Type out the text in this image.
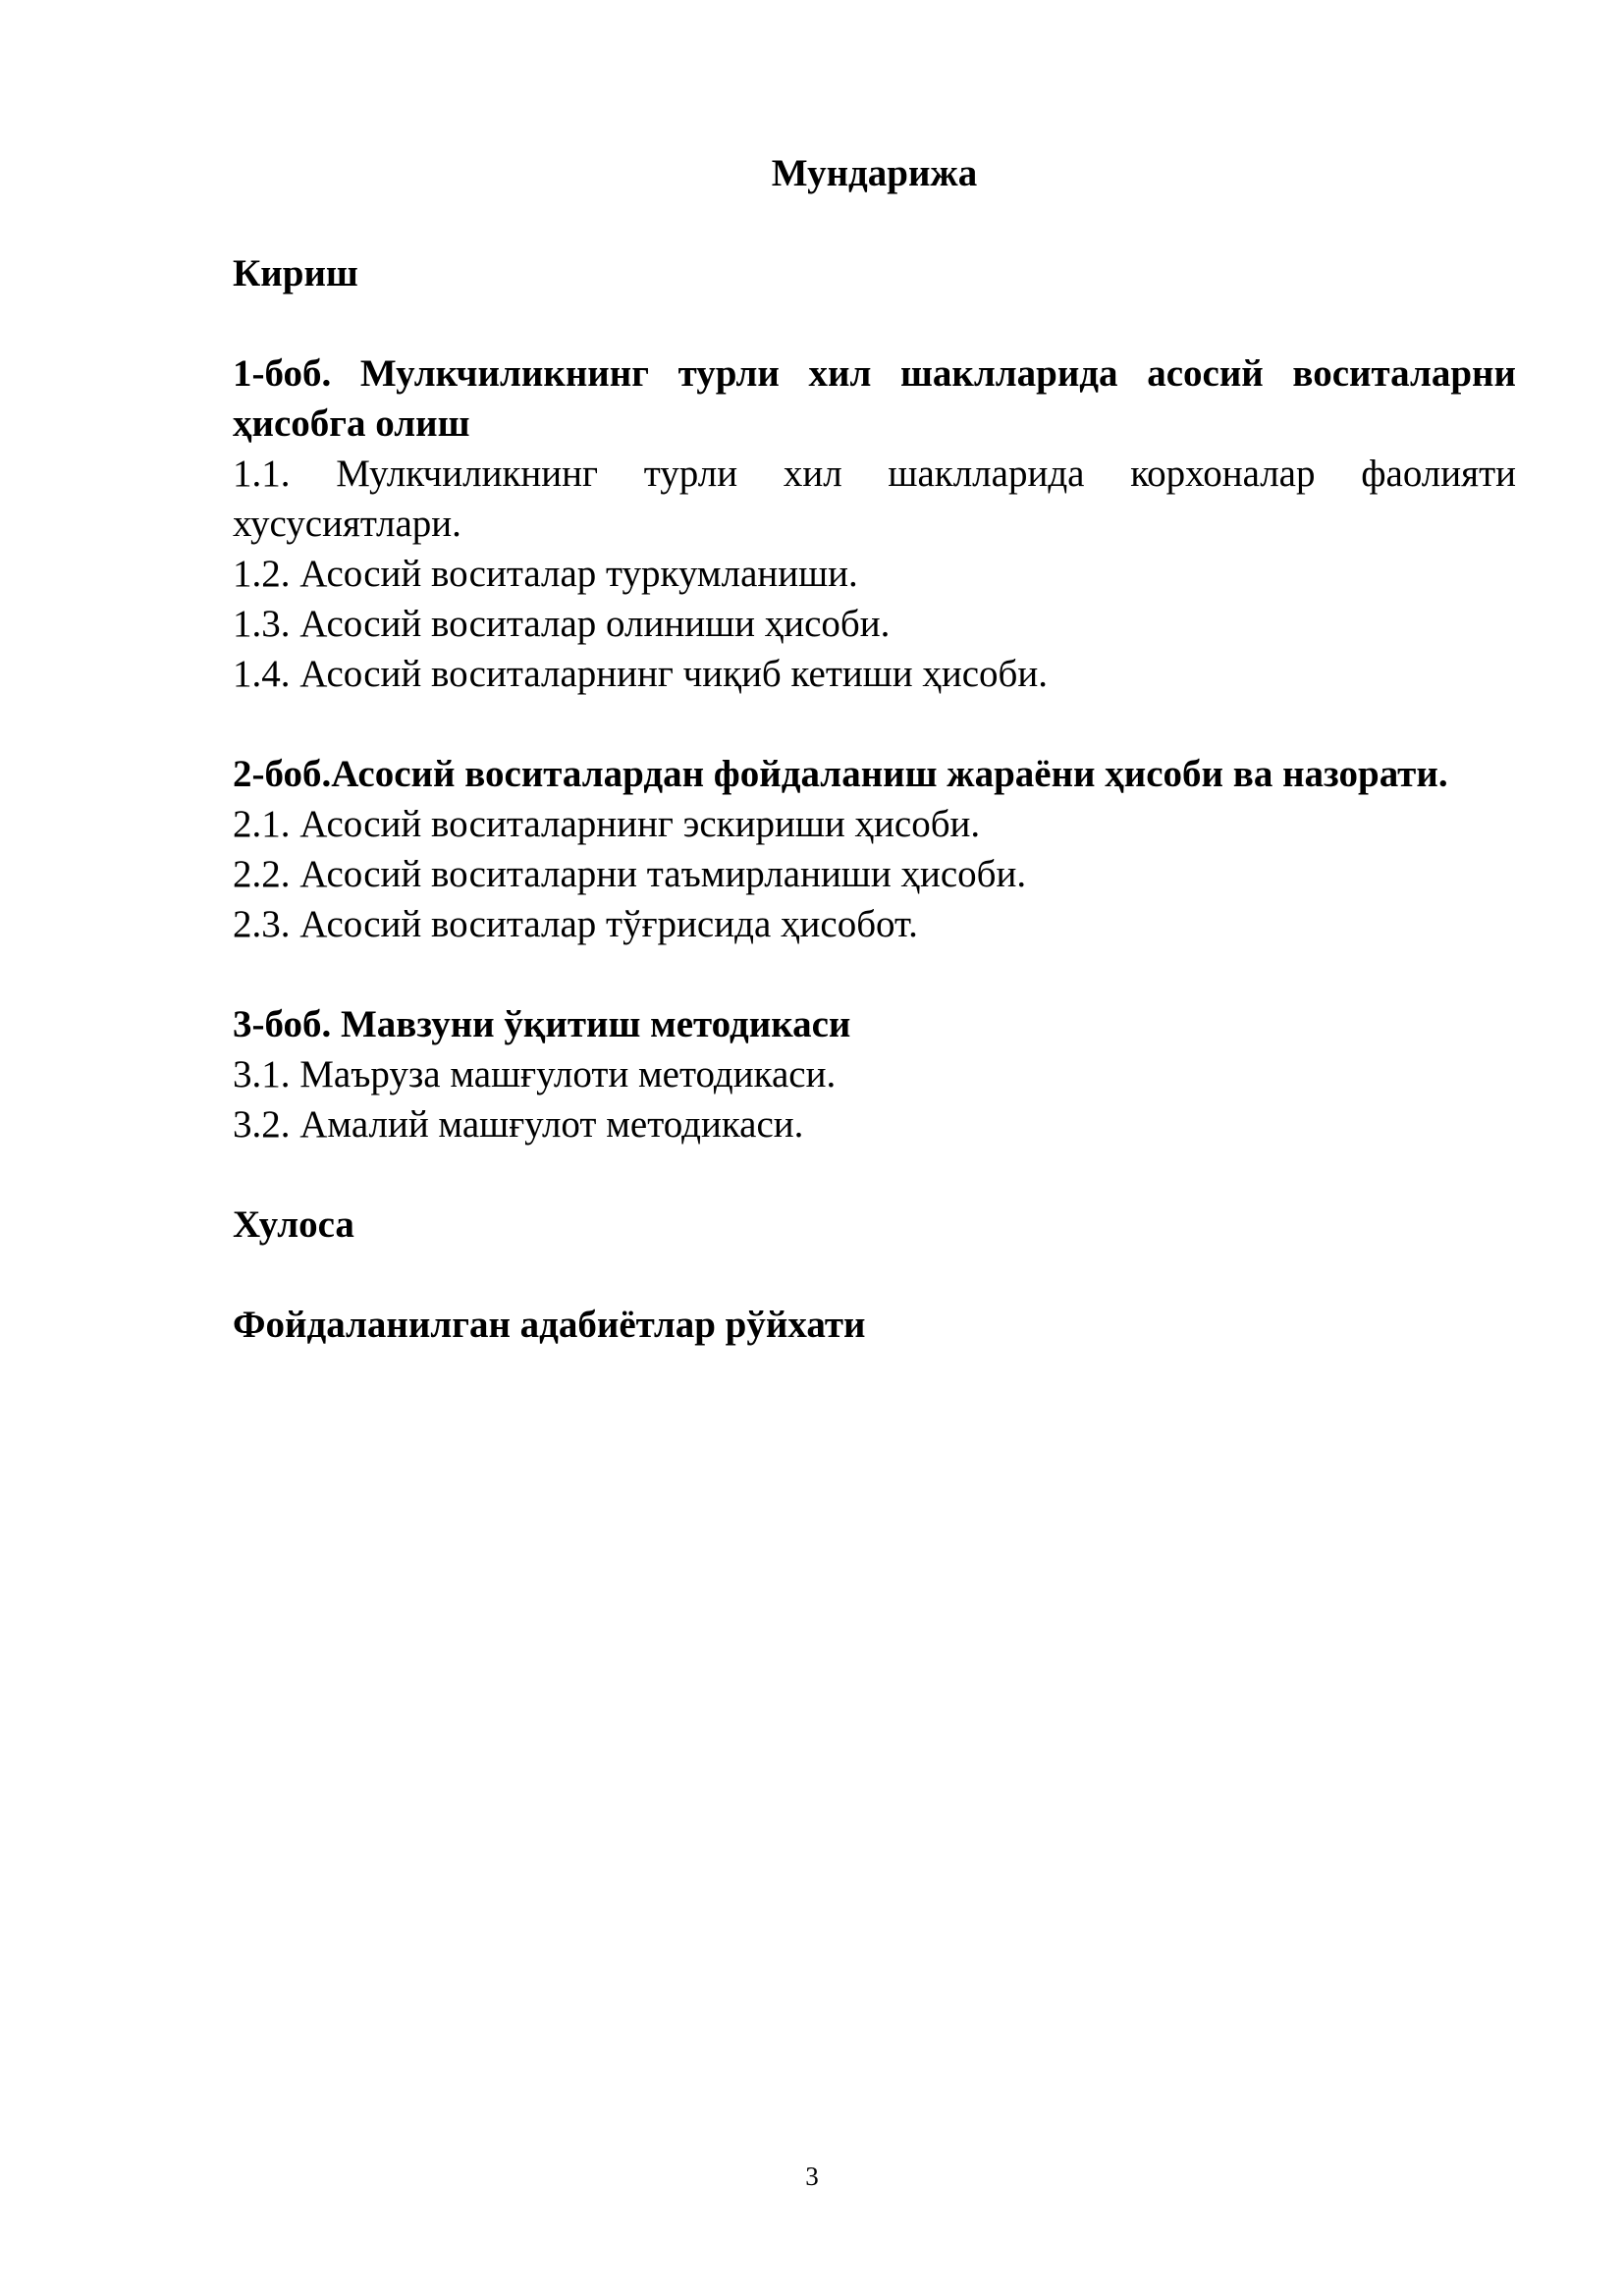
Мундарижа
Кириш
1-боб. Мулкчиликнинг турли хил шаклларида асосий воситаларни ҳисобга олиш
1.1. Мулкчиликнинг турли хил шаклларида корхоналар фаолияти хусусиятлари.
1.2. Асосий воситалар туркумланиши.
1.3. Асосий воситалар олиниши ҳисоби.
1.4. Асосий воситаларнинг чиқиб кетиши ҳисоби.
2-боб.Асосий воситалардан фойдаланиш жараёни ҳисоби ва назорати.
2.1. Асосий воситаларнинг эскириши ҳисоби.
2.2. Асосий воситаларни таъмирланиши ҳисоби.
2.3. Асосий воситалар тўғрисида ҳисобот.
3-боб. Мавзуни ўқитиш методикаси
3.1. Маъруза машғулоти методикаси.
3.2. Амалий машғулот методикаси.
Хулоса
Фойдаланилган адабиётлар рўйхати
3
